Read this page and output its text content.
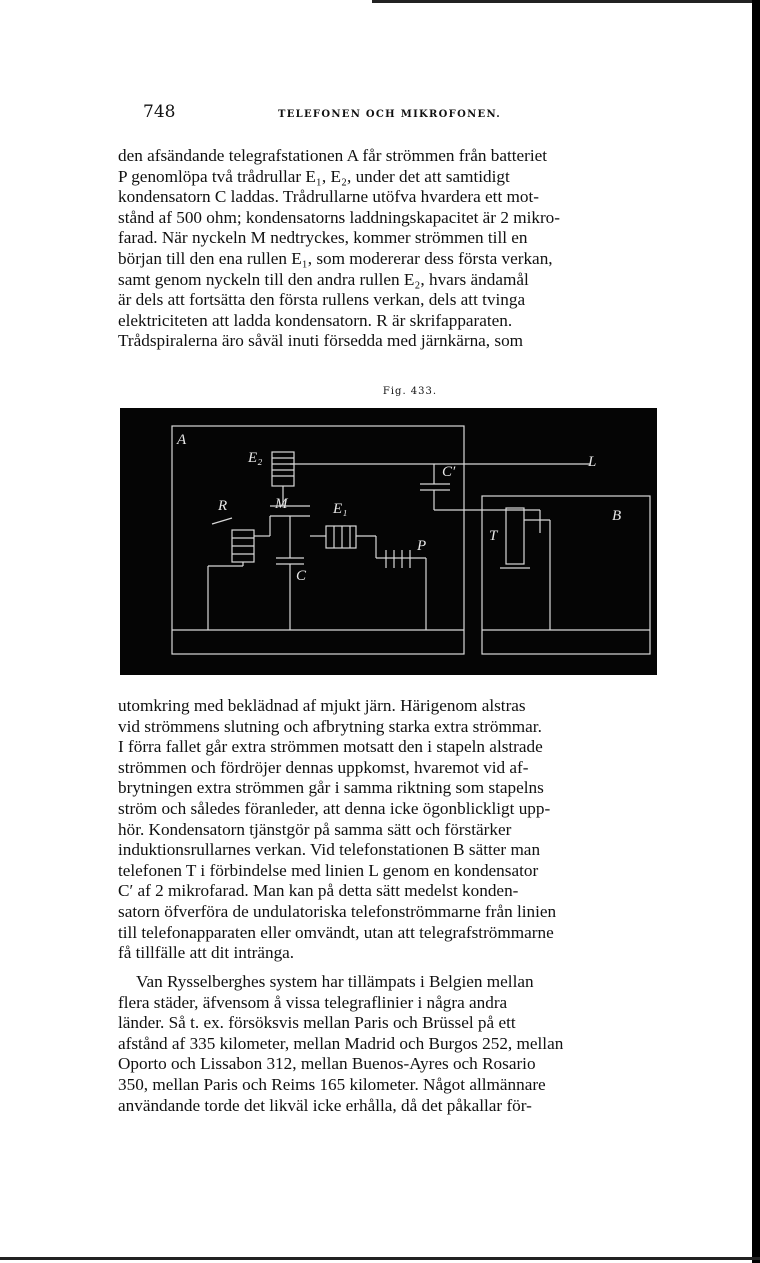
748	TELEFONEN OCH MIKROFONEN.

den afsändande telegrafstationen A får strömmen från batteriet
P genomlöpa två trådrullar E₁, E₂, under det att samtidigt
kondensatorn C laddas. Trådrullarne utöfva hvardera ett mot-
stånd af 500 ohm; kondensatorns laddningskapacitet är 2 mikro-
farad. När nyckeln M nedtryckes, kommer strömmen till en
början till den ena rullen E₁, som modererar dess första verkan,
samt genom nyckeln till den andra rullen E₂, hvars ändamål
är dels att fortsätta den första rullens verkan, dels att tvinga
elektriciteten att ladda kondensatorn. R är skrifapparaten.
Trådspiralerna äro såväl inuti försedda med järnkärna, som

Fig. 433.
A
E₂
C′
L
R	M	E₁	B
T
P
C

utomkring med beklädnad af mjukt järn. Härigenom alstras
vid strömmens slutning och afbrytning starka extra strömmar.
I förra fallet går extra strömmen motsatt den i stapeln alstrade
strömmen och fördröjer dennas uppkomst, hvaremot vid af-
brytningen extra strömmen går i samma riktning som stapelns
ström och således föranleder, att denna icke ögonblickligt upp-
hör. Kondensatorn tjänstgör på samma sätt och förstärker
induktionsrullarnes verkan. Vid telefonstationen B sätter man
telefonen T i förbindelse med linien L genom en kondensator
C′ af 2 mikrofarad. Man kan på detta sätt medelst konden-
satorn öfverföra de undulatoriska telefonströmmarne från linien
till telefonapparaten eller omvändt, utan att telegrafströmmarne
få tillfälle att dit intränga.

Van Rysselberghes system har tillämpats i Belgien mellan
flera städer, äfvensom å vissa telegraflinier i några andra
länder. Så t. ex. försöksvis mellan Paris och Brüssel på ett
afstånd af 335 kilometer, mellan Madrid och Burgos 252, mellan
Oporto och Lissabon 312, mellan Buenos-Ayres och Rosario
350, mellan Paris och Reims 165 kilometer. Något allmännare
användande torde det likväl icke erhålla, då det påkallar för-
